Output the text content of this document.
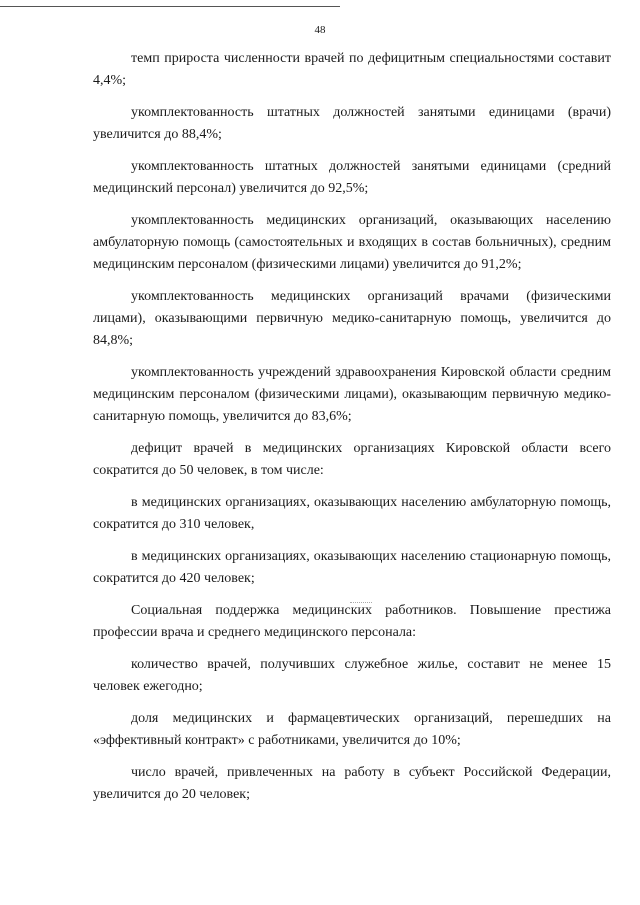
48

темп прироста численности врачей по дефицитным специальностями составит 4,4%;

укомплектованность штатных должностей занятыми единицами (врачи) увеличится до 88,4%;

укомплектованность штатных должностей занятыми единицами (средний медицинский персонал) увеличится до 92,5%;

укомплектованность медицинских организаций, оказывающих населению амбулаторную помощь (самостоятельных и входящих в состав больничных), средним медицинским персоналом (физическими лицами) увеличится до 91,2%;

укомплектованность медицинских организаций врачами (физическими лицами), оказывающими первичную медико-санитарную помощь, увеличится до 84,8%;

укомплектованность учреждений здравоохранения Кировской области средним медицинским персоналом (физическими лицами), оказывающим первичную медико-санитарную помощь, увеличится до 83,6%;

дефицит врачей в медицинских организациях Кировской области всего сократится до 50 человек, в том числе:

в медицинских организациях, оказывающих населению амбулаторную помощь, сократится до 310 человек,

в медицинских организациях, оказывающих населению стационарную помощь, сократится до 420 человек;

Социальная поддержка медицинских работников. Повышение престижа профессии врача и среднего медицинского персонала:

количество врачей, получивших служебное жилье, составит не менее 15 человек ежегодно;

доля медицинских и фармацевтических организаций, перешедших на «эффективный контракт» с работниками, увеличится до 10%;

число врачей, привлеченных на работу в субъект Российской Федерации, увеличится до 20 человек;
